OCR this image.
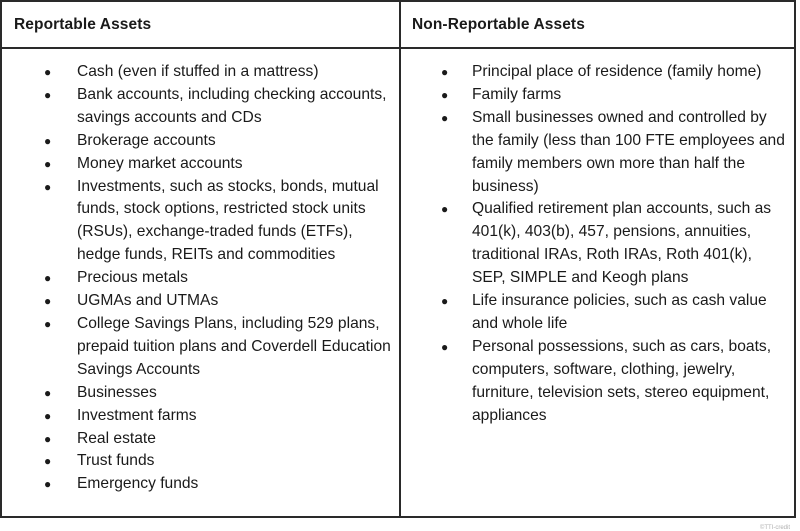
Reportable Assets	Non-Reportable Assets
● Cash (even if stuffed in a mattress)
● Bank accounts, including checking accounts, savings accounts and CDs
● Brokerage accounts
● Money market accounts
● Investments, such as stocks, bonds, mutual funds, stock options, restricted stock units (RSUs), exchange-traded funds (ETFs), hedge funds, REITs and commodities
● Precious metals
● UGMAs and UTMAs
● College Savings Plans, including 529 plans, prepaid tuition plans and Coverdell Education Savings Accounts
● Businesses
● Investment farms
● Real estate
● Trust funds
● Emergency funds
● Principal place of residence (family home)
● Family farms
● Small businesses owned and controlled by the family (less than 100 FTE employees and family members own more than half the business)
● Qualified retirement plan accounts, such as 401(k), 403(b), 457, pensions, annuities, traditional IRAs, Roth IRAs, Roth 401(k), SEP, SIMPLE and Keogh plans
● Life insurance policies, such as cash value and whole life
● Personal possessions, such as cars, boats, computers, software, clothing, jewelry, furniture, television sets, stereo equipment, appliances
©TTI-credit
